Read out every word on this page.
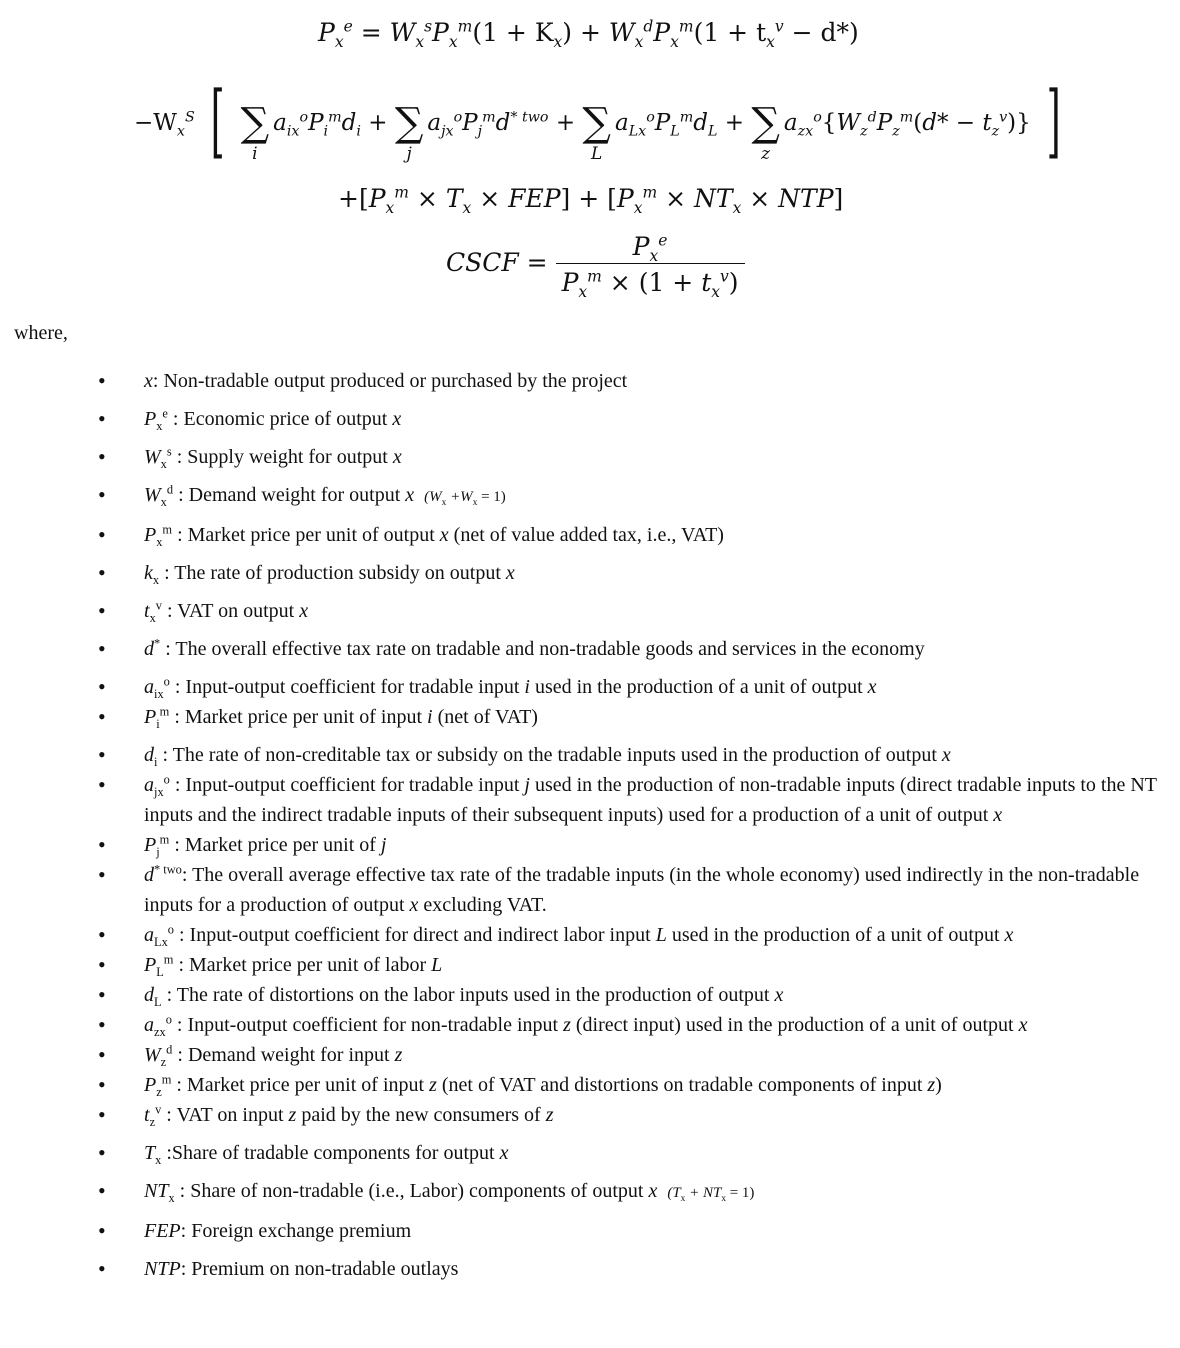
$P_x^e = W_x^sP_x^m(1 + K_x) + W_x^dP_x^m(1 + t_x^v - d*)$
$-W_x^S$ [ ∑
i
$a_{ix}^oP_i^md_i$ + ∑
j
$a_{jx}^oP_j^md^{* two}$ + ∑
L
$a_{Lx}^oP_L^md_L$ + ∑
z
$a_{zx}^o\{W_z^dP_z^m(d* - t_z^v)\}$ ]
$+[P_x^m \times T_x \times FEP] + [P_x^m \times NT_x \times NTP]$
CSCF = $\frac{P_x^e}{P_x^m \times (1 + t_x^v)}$
where,
• x: Non-tradable output produced or purchased by the project
• $P_x^e$ : Economic price of output x
• $W_x^s$ : Supply weight for output x
• $W_x^d$ : Demand weight for output x $(W_x +W_x = 1)$
• $P_x^m$ : Market price per unit of output x (net of value added tax, i.e., VAT)
• $k_x$ : The rate of production subsidy on output x
• $t_x^v$ : VAT on output x
• d* : The overall effective tax rate on tradable and non-tradable goods and services in the economy
• $a_{ix}^o$ : Input-output coefficient for tradable input i used in the production of a unit of output x
• $P_i^m$ : Market price per unit of input i (net of VAT)
• $d_i$ : The rate of non-creditable tax or subsidy on the tradable inputs used in the production of output x
• $a_{jx}^o$ : Input-output coefficient for tradable input j used in the production of non-tradable inputs (direct tradable inputs to the NT inputs and the indirect tradable inputs of their subsequent inputs) used for a production of a unit of output x
• $P_j^m$ : Market price per unit of j
• $d^{* two}$: The overall average effective tax rate of the tradable inputs (in the whole economy) used indirectly in the non-tradable inputs for a production of output x excluding VAT.
• $a_{Lx}^o$ : Input-output coefficient for direct and indirect labor input L used in the production of a unit of output x
• $P_L^m$ : Market price per unit of labor L
• $d_L$ : The rate of distortions on the labor inputs used in the production of output x
• $a_{zx}^o$ : Input-output coefficient for non-tradable input z (direct input) used in the production of a unit of output x
• $W_z^d$ : Demand weight for input z
• $P_z^m$ : Market price per unit of input z (net of VAT and distortions on tradable components of input z)
• $t_z^v$ : VAT on input z paid by the new consumers of z
• $T_x$ :Share of tradable components for output x
• $NT_x$ : Share of non-tradable (i.e., Labor) components of output x $(T_x + NT_x = 1)$
• FEP: Foreign exchange premium
• NTP: Premium on non-tradable outlays
